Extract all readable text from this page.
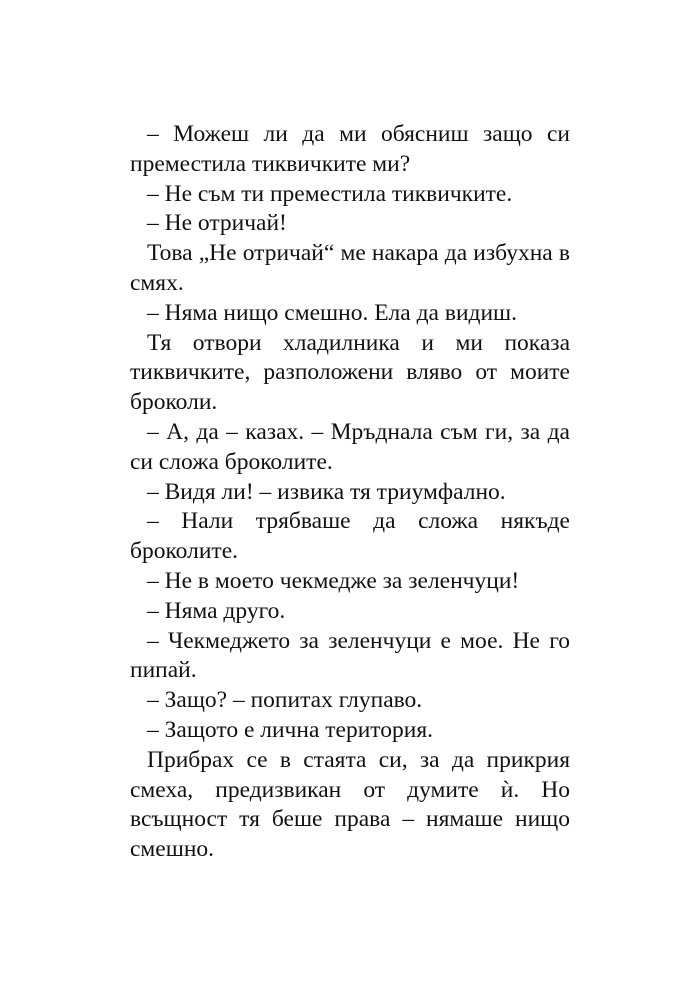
– Можеш ли да ми обясниш защо си преместила тиквичките ми?

– Не съм ти преместила тиквичките.

– Не отричай!

Това „Не отричай“ ме накара да избухна в смях.

– Няма нищо смешно. Ела да видиш.

Тя отвори хладилника и ми показа тиквичките, разположени вляво от моите броколи.

– А, да – казах. – Мръднала съм ги, за да си сложа броколите.

– Видя ли! – извика тя триумфално.

– Нали трябваше да сложа някъде броколите.

– Не в моето чекмедже за зеленчуци!

– Няма друго.

– Чекмеджето за зеленчуци е мое. Не го пипай.

– Защо? – попитах глупаво.

– Защото е лична територия.

Прибрах се в стаята си, за да прикрия смеха, предизвикан от думите ѝ. Но всъщност тя беше права – нямаше нищо смешно.
